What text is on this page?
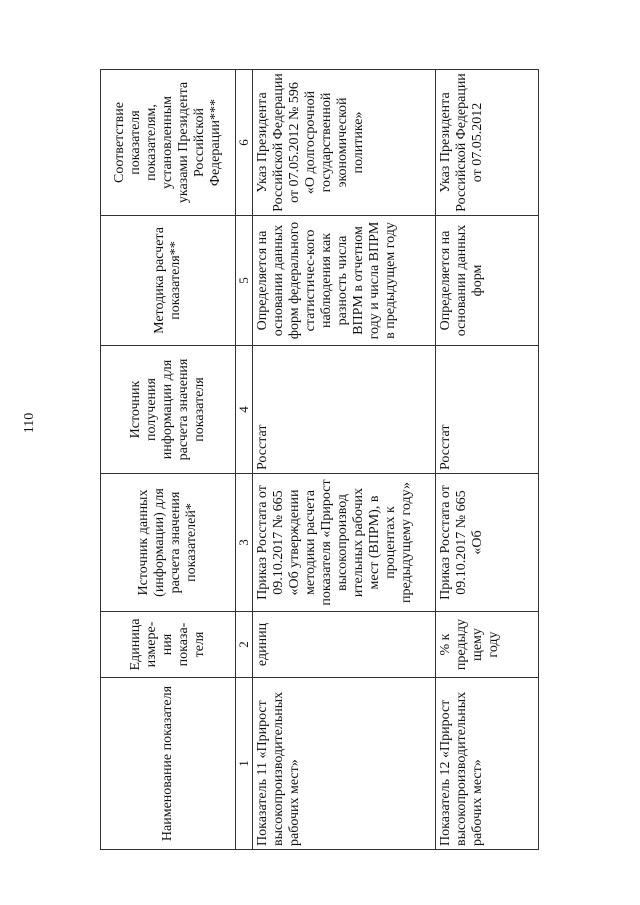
110
Наименование показателя	Единица измере-ния показа-теля	Источник данных (информации) для расчета значения показателей*	Источник получения информации для расчета значения показателя	Методика расчета показателя**	Соответствие показателя показателям, установленным указами Президента Российской Федерации***
1	2	3	4	5	6
Показатель 11 «Прирост высокопроизводительных рабочих мест»	единиц	Приказ Росстата от 09.10.2017 № 665 «Об утверждении методики расчета показателя «Прирост высокопроизвод ительных рабочих мест (ВПРМ), в процентах к предыдущему году»	Росстат	Определяется на основании данных форм федерального статистичес-кого наблюдения как разность числа ВПРМ в отчетном году и числа ВПРМ в предыдущем году	Указ Президента Российской Федерации от 07.05.2012 № 596 «О долгосрочной государственной экономической политике»
Показатель 12 «Прирост высокопроизводительных рабочих мест»	% к предыду щему году	Приказ Росстата от 09.10.2017 № 665 «Об	Росстат	Определяется на основании данных форм	Указ Президента Российской Федерации от 07.05.2012
